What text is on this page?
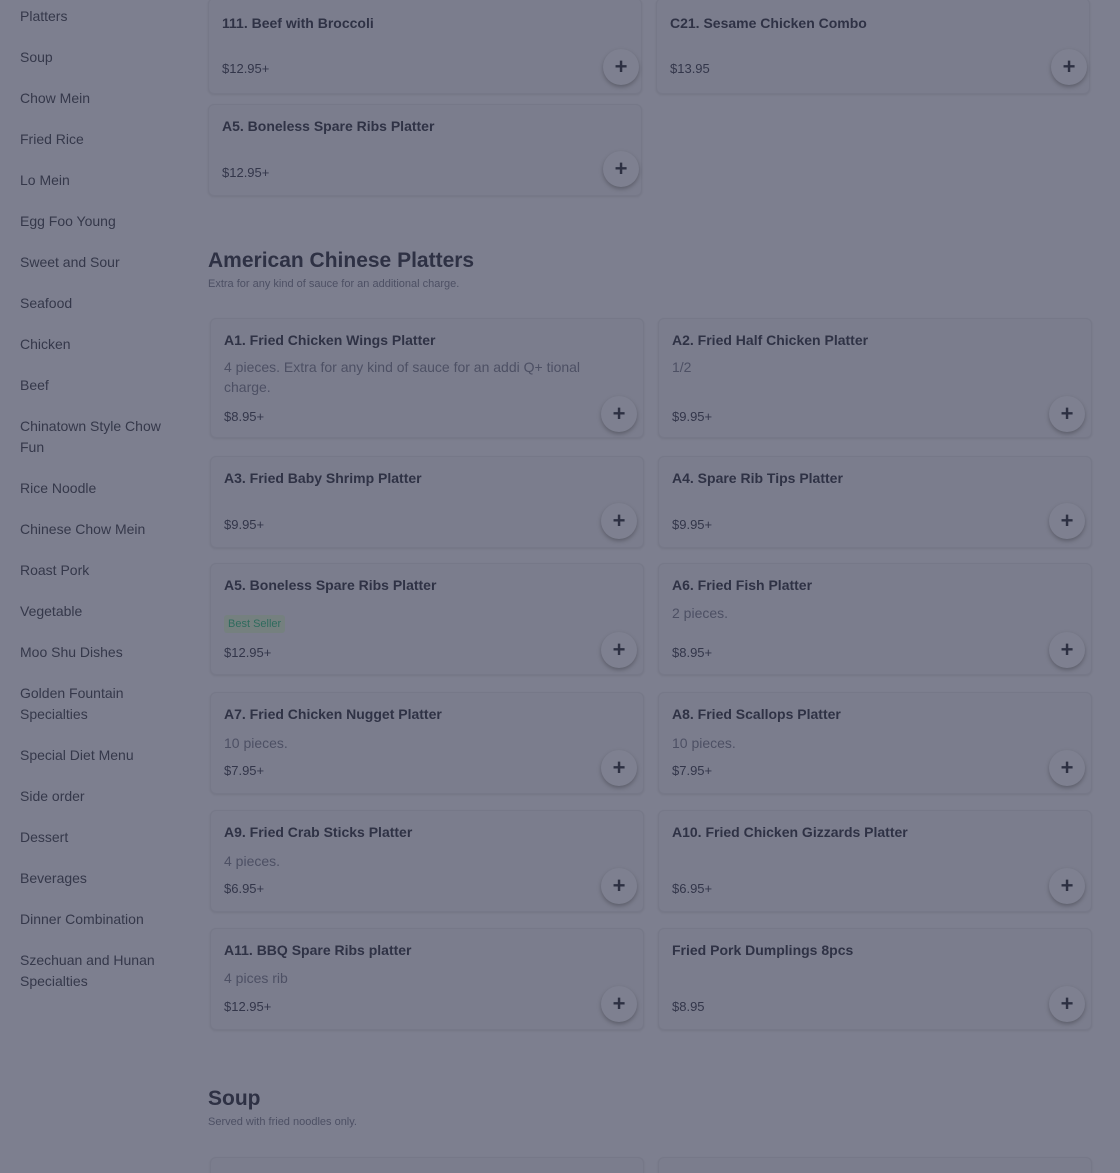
Platters
Soup
Chow Mein
Fried Rice
Lo Mein
Egg Foo Young
Sweet and Sour
Seafood
Chicken
Beef
Chinatown Style Chow Fun
Rice Noodle
Chinese Chow Mein
Roast Pork
Vegetable
Moo Shu Dishes
Golden Fountain Specialties
Special Diet Menu
Side order
Dessert
Beverages
Dinner Combination
Szechuan and Hunan Specialties
111. Beef with Broccoli
$12.95+	+
C21. Sesame Chicken Combo
$13.95	+
A5. Boneless Spare Ribs Platter
$12.95+	+
American Chinese Platters
Extra for any kind of sauce for an additional charge.
A1. Fried Chicken Wings Platter
4 pieces. Extra for any kind of sauce for an addi Q+ tional charge.
$8.95+	+
A2. Fried Half Chicken Platter
1/2
$9.95+	+
A3. Fried Baby Shrimp Platter
$9.95+	+
A4. Spare Rib Tips Platter
$9.95+	+
A5. Boneless Spare Ribs Platter
Best Seller
$12.95+	+
A6. Fried Fish Platter
2 pieces.
$8.95+	+
A7. Fried Chicken Nugget Platter
10 pieces.
$7.95+	+
A8. Fried Scallops Platter
10 pieces.
$7.95+	+
A9. Fried Crab Sticks Platter
4 pieces.
$6.95+	+
A10. Fried Chicken Gizzards Platter
$6.95+	+
A11. BBQ Spare Ribs platter
4 pices rib
$12.95+	+
Fried Pork Dumplings 8pcs
$8.95	+
Soup
Served with fried noodles only.
